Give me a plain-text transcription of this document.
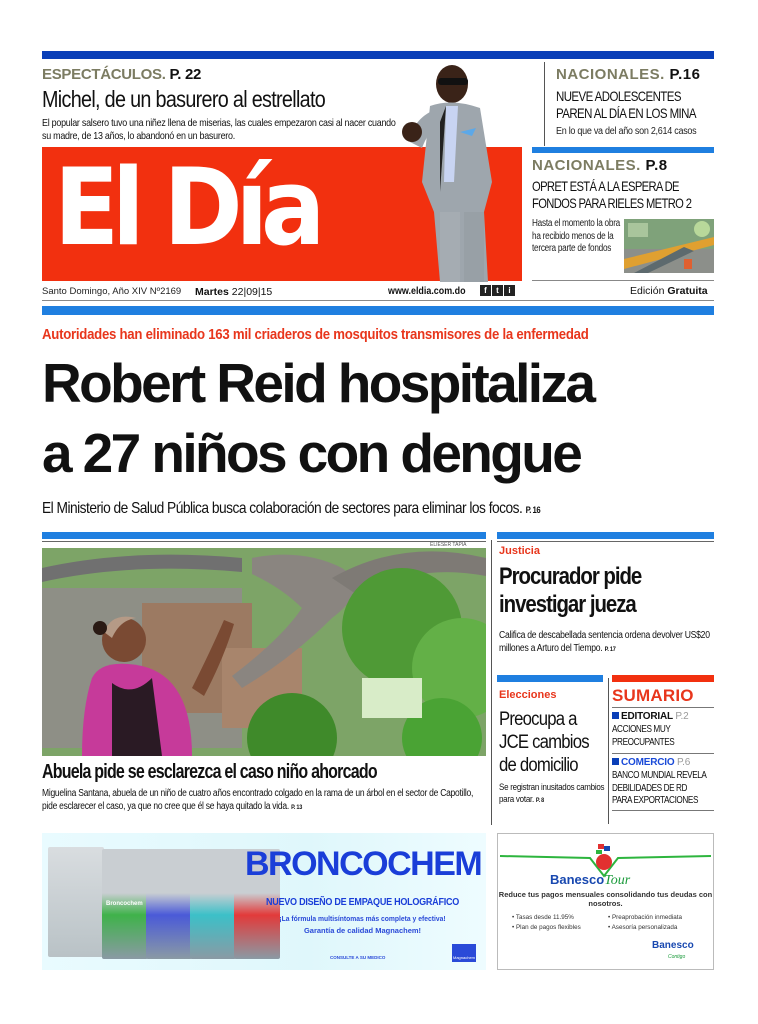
ESPECTÁCULOS. P. 22
Michel, de un basurero al estrellato
El popular salsero tuvo una niñez llena de miserias, las cuales empezaron casi al nacer cuando su madre, de 13 años, lo abandonó en un basurero.
El Día
NACIONALES. P.16
NUEVE ADOLESCENTES
PAREN AL DÍA EN LOS MINA
En lo que va del año son 2,614 casos
NACIONALES. P.8
OPRET ESTÁ A LA ESPERA DE
FONDOS PARA RIELES METRO 2
Hasta el momento la obra ha recibido menos de la tercera parte de fondos
Santo Domingo, Año XIV Nº2169 Martes 22|09|15	www.eldia.com.do	f	t	i	Edición Gratuita
Autoridades han eliminado 163 mil criaderos de mosquitos transmisores de la enfermedad
Robert Reid hospitaliza
a 27 niños con dengue
El Ministerio de Salud Pública busca colaboración de sectores para eliminar los focos. P. 16
ELIESER TAPIA
Abuela pide se esclarezca el caso niño ahorcado
Miguelina Santana, abuela de un niño de cuatro años encontrado colgado en la rama de un árbol en el sector de Capotillo, pide esclarecer el caso, ya que no cree que él se haya quitado la vida. P. 13
Justicia
Procurador pide
investigar jueza
Califica de descabellada sentencia ordena devolver US$20 millones a Arturo del Tiempo. P. 17
Elecciones
Preocupa a
JCE cambios
de domicilio
Se registran inusitados cambios para votar. P. 8
SUMARIO
EDITORIAL P.2
ACCIONES MUY
PREOCUPANTES
COMERCIO P.6
BANCO MUNDIAL REVELA
DEBILIDADES DE RD
PARA EXPORTACIONES
Broncochem
BRONCOCHEM
NUEVO DISEÑO DE EMPAQUE HOLOGRÁFICO
¡La fórmula multisíntomas más completa y efectiva!
Garantía de calidad Magnachem!
CONSULTE A SU MEDICO	Magnachem
BanescoTour
Reduce tus pagos mensuales consolidando tus deudas con nosotros.
• Tasas desde 11.95%
• Plan de pagos flexibles
• Preaprobación inmediata
• Asesoría personalizada
Banesco
Contigo
